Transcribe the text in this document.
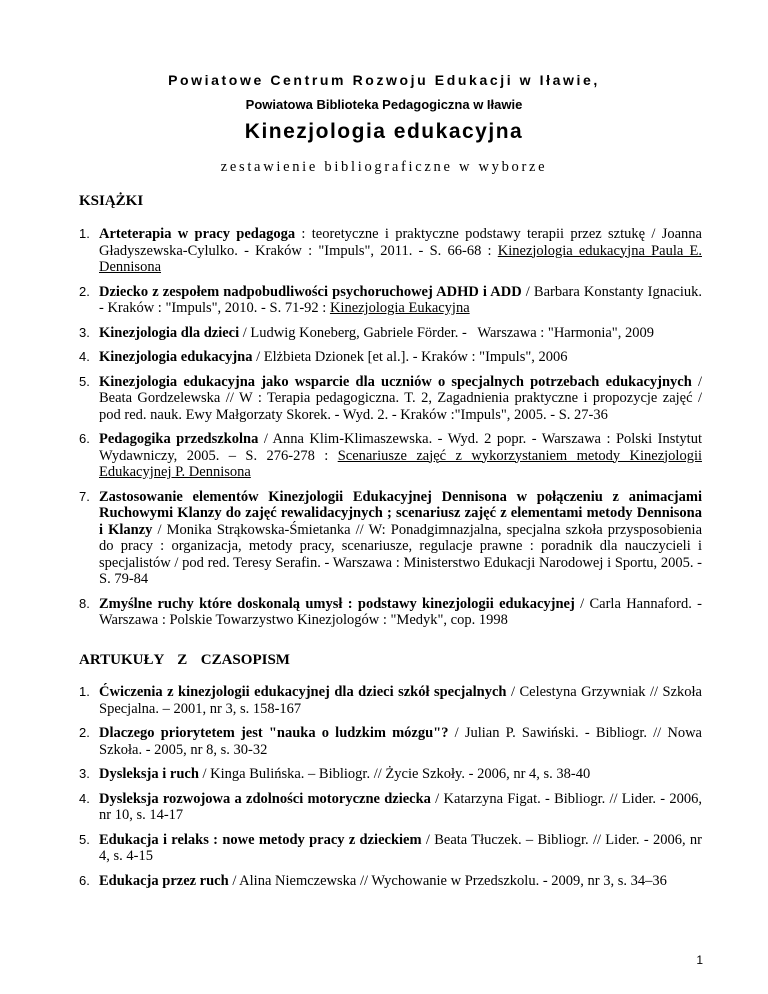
Powiatowe Centrum Rozwoju Edukacji w Iławie,
Powiatowa Biblioteka Pedagogiczna w Iławie
Kinezjologia edukacyjna
zestawienie bibliograficzne w wyborze
KSIĄŻKI
1. Arteterapia w pracy pedagoga : teoretyczne i praktyczne podstawy terapii przez sztukę / Joanna Gładyszewska-Cylulko. - Kraków : "Impuls", 2011. - S. 66-68 : Kinezjologia edukacyjna Paula E. Dennisona
2. Dziecko z zespołem nadpobudliwości psychoruchowej ADHD i ADD / Barbara Konstanty Ignaciuk. - Kraków : "Impuls", 2010. - S. 71-92 : Kinezjologia Eukacyjna
3. Kinezjologia dla dzieci / Ludwig Koneberg, Gabriele Förder. -   Warszawa : "Harmonia", 2009
4. Kinezjologia edukacyjna / Elżbieta Dzionek [et al.]. - Kraków : "Impuls", 2006
5. Kinezjologia edukacyjna jako wsparcie dla uczniów o specjalnych potrzebach edukacyjnych / Beata Gordzelewska // W : Terapia pedagogiczna. T. 2, Zagadnienia praktyczne i propozycje zajęć / pod red. nauk. Ewy Małgorzaty Skorek. - Wyd. 2. - Kraków :"Impuls", 2005. - S. 27-36
6. Pedagogika przedszkolna / Anna Klim-Klimaszewska. - Wyd. 2 popr. - Warszawa : Polski Instytut Wydawniczy, 2005. – S. 276-278 : Scenariusze zajęć z wykorzystaniem metody Kinezjologii Edukacyjnej P. Dennisona
7. Zastosowanie elementów Kinezjologii Edukacyjnej Dennisona w połączeniu z animacjami Ruchowymi Klanzy do zajęć rewalidacyjnych ; scenariusz zajęć z elementami metody Dennisona i Klanzy / Monika Strąkowska-Śmietanka // W: Ponadgimnazjalna, specjalna szkoła przysposobienia do pracy : organizacja, metody pracy, scenariusze, regulacje prawne : poradnik dla nauczycieli i specjalistów / pod red. Teresy Serafin. - Warszawa : Ministerstwo Edukacji Narodowej i Sportu, 2005. - S. 79-84
8. Zmyślne ruchy które doskonalą umysł : podstawy kinezjologii edukacyjnej / Carla Hannaford. - Warszawa : Polskie Towarzystwo Kinezjologów : "Medyk", cop. 1998
ARTUKUŁY  Z  CZASOPISM
1. Ćwiczenia z kinezjologii edukacyjnej dla dzieci szkół specjalnych / Celestyna Grzywniak // Szkoła Specjalna. – 2001, nr 3, s. 158-167
2. Dlaczego priorytetem jest "nauka o ludzkim mózgu"? / Julian P. Sawiński. - Bibliogr. // Nowa Szkoła. - 2005, nr 8, s. 30-32
3. Dysleksja i ruch / Kinga Bulińska. – Bibliogr. // Życie Szkoły. - 2006, nr 4, s. 38-40
4. Dysleksja rozwojowa a zdolności motoryczne dziecka / Katarzyna Figat. - Bibliogr. // Lider. - 2006, nr 10, s. 14-17
5. Edukacja i relaks : nowe metody pracy z dzieckiem / Beata Tłuczek. – Bibliogr. // Lider. - 2006, nr 4, s. 4-15
6. Edukacja przez ruch / Alina Niemczewska // Wychowanie w Przedszkolu. - 2009, nr 3, s. 34–36
1
